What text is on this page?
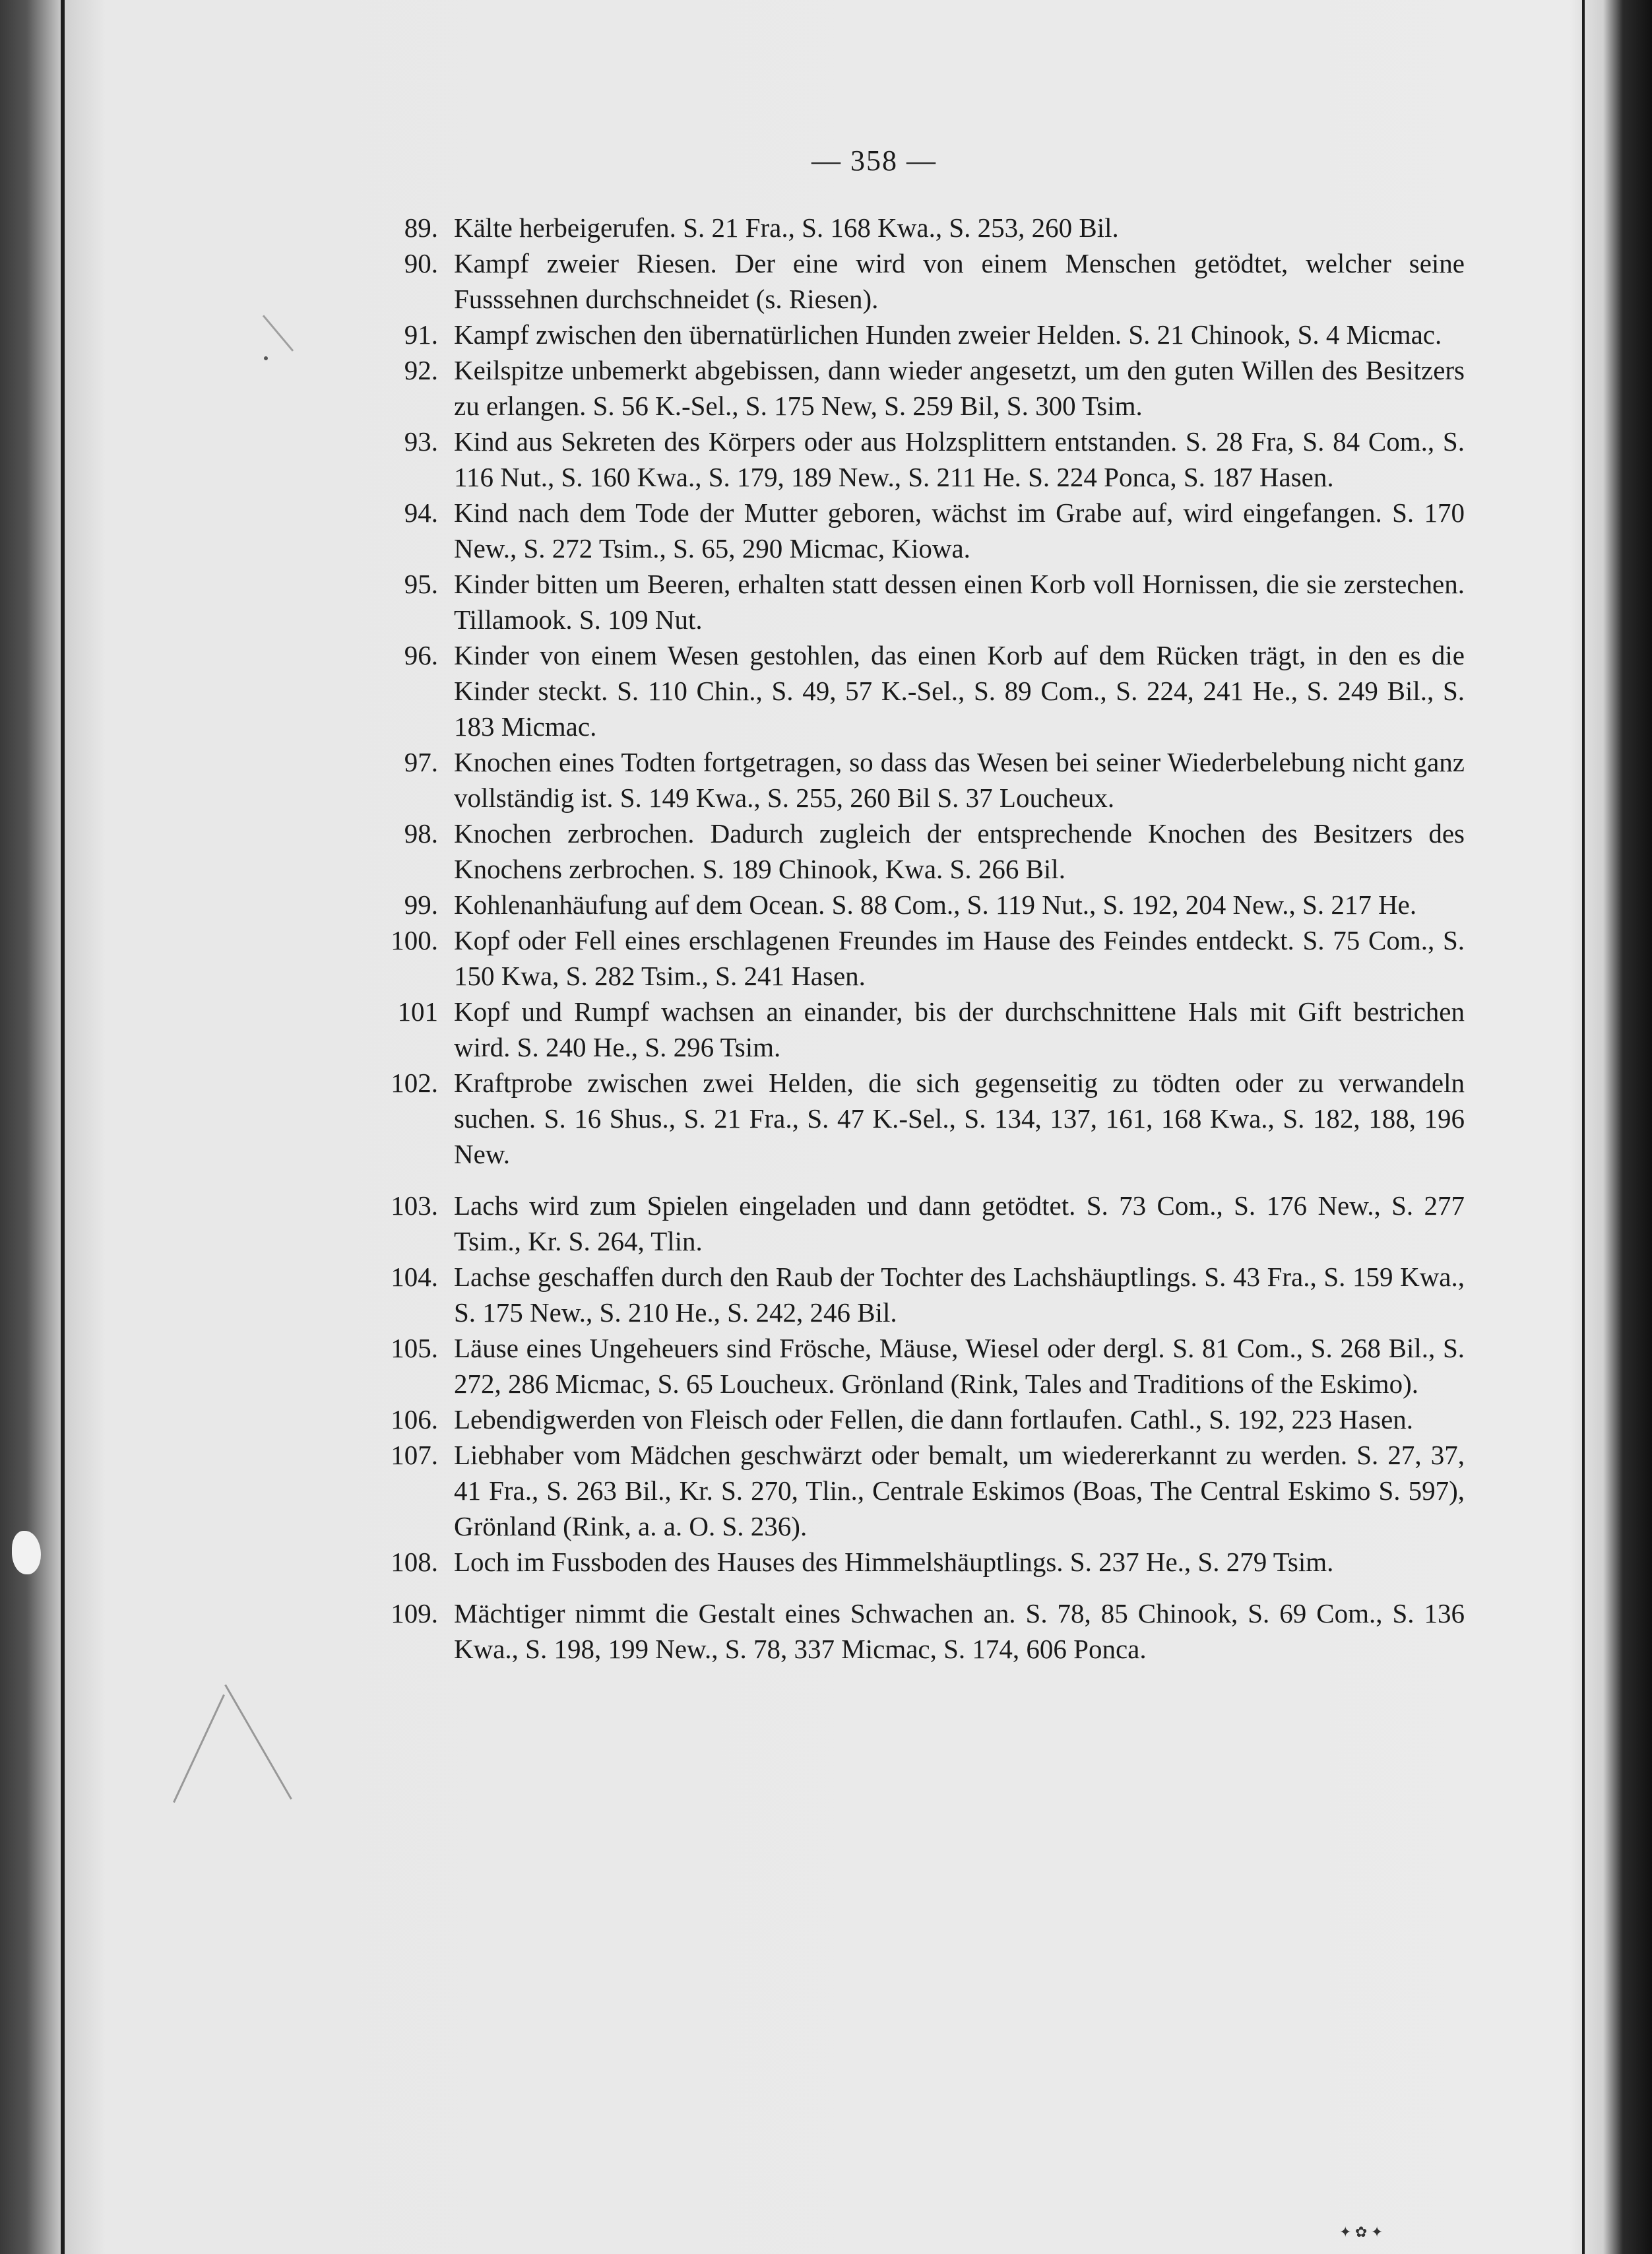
— 358 —
89. Kälte herbeigerufen. S. 21 Fra., S. 168 Kwa., S. 253, 260 Bil.
90. Kampf zweier Riesen. Der eine wird von einem Menschen getödtet, welcher seine Fusssehnen durchschneidet (s. Riesen).
91. Kampf zwischen den übernatürlichen Hunden zweier Helden. S. 21 Chinook, S. 4 Micmac.
92. Keilspitze unbemerkt abgebissen, dann wieder angesetzt, um den guten Willen des Besitzers zu erlangen. S. 56 K.-Sel., S. 175 New, S. 259 Bil, S. 300 Tsim.
93. Kind aus Sekreten des Körpers oder aus Holzsplittern entstanden. S. 28 Fra, S. 84 Com., S. 116 Nut., S. 160 Kwa., S. 179, 189 New., S. 211 He. S. 224 Ponca, S. 187 Hasen.
94. Kind nach dem Tode der Mutter geboren, wächst im Grabe auf, wird eingefangen. S. 170 New., S. 272 Tsim., S. 65, 290 Micmac, Kiowa.
95. Kinder bitten um Beeren, erhalten statt dessen einen Korb voll Hornissen, die sie zerstechen. Tillamook. S. 109 Nut.
96. Kinder von einem Wesen gestohlen, das einen Korb auf dem Rücken trägt, in den es die Kinder steckt. S. 110 Chin., S. 49, 57 K.-Sel., S. 89 Com., S. 224, 241 He., S. 249 Bil., S. 183 Micmac.
97. Knochen eines Todten fortgetragen, so dass das Wesen bei seiner Wiederbelebung nicht ganz vollständig ist. S. 149 Kwa., S. 255, 260 Bil S. 37 Loucheux.
98. Knochen zerbrochen. Dadurch zugleich der entsprechende Knochen des Besitzers des Knochens zerbrochen. S. 189 Chinook, Kwa. S. 266 Bil.
99. Kohlenanhäufung auf dem Ocean. S. 88 Com., S. 119 Nut., S. 192, 204 New., S. 217 He.
100. Kopf oder Fell eines erschlagenen Freundes im Hause des Feindes entdeckt. S. 75 Com., S. 150 Kwa, S. 282 Tsim., S. 241 Hasen.
101 Kopf und Rumpf wachsen an einander, bis der durchschnittene Hals mit Gift bestrichen wird. S. 240 He., S. 296 Tsim.
102. Kraftprobe zwischen zwei Helden, die sich gegenseitig zu tödten oder zu verwandeln suchen. S. 16 Shus., S. 21 Fra., S. 47 K.-Sel., S. 134, 137, 161, 168 Kwa., S. 182, 188, 196 New.
103. Lachs wird zum Spielen eingeladen und dann getödtet. S. 73 Com., S. 176 New., S. 277 Tsim., Kr. S. 264, Tlin.
104. Lachse geschaffen durch den Raub der Tochter des Lachshäuptlings. S. 43 Fra., S. 159 Kwa., S. 175 New., S. 210 He., S. 242, 246 Bil.
105. Läuse eines Ungeheuers sind Frösche, Mäuse, Wiesel oder dergl. S. 81 Com., S. 268 Bil., S. 272, 286 Micmac, S. 65 Loucheux. Grönland (Rink, Tales and Traditions of the Eskimo).
106. Lebendigwerden von Fleisch oder Fellen, die dann fortlaufen. Cathl., S. 192, 223 Hasen.
107. Liebhaber vom Mädchen geschwärzt oder bemalt, um wiedererkannt zu werden. S. 27, 37, 41 Fra., S. 263 Bil., Kr. S. 270, Tlin., Centrale Eskimos (Boas, The Central Eskimo S. 597), Grönland (Rink, a. a. O. S. 236).
108. Loch im Fussboden des Hauses des Himmelshäuptlings. S. 237 He., S. 279 Tsim.
109. Mächtiger nimmt die Gestalt eines Schwachen an. S. 78, 85 Chinook, S. 69 Com., S. 136 Kwa., S. 198, 199 New., S. 78, 337 Micmac, S. 174, 606 Ponca.
✦ ✿ ✦
